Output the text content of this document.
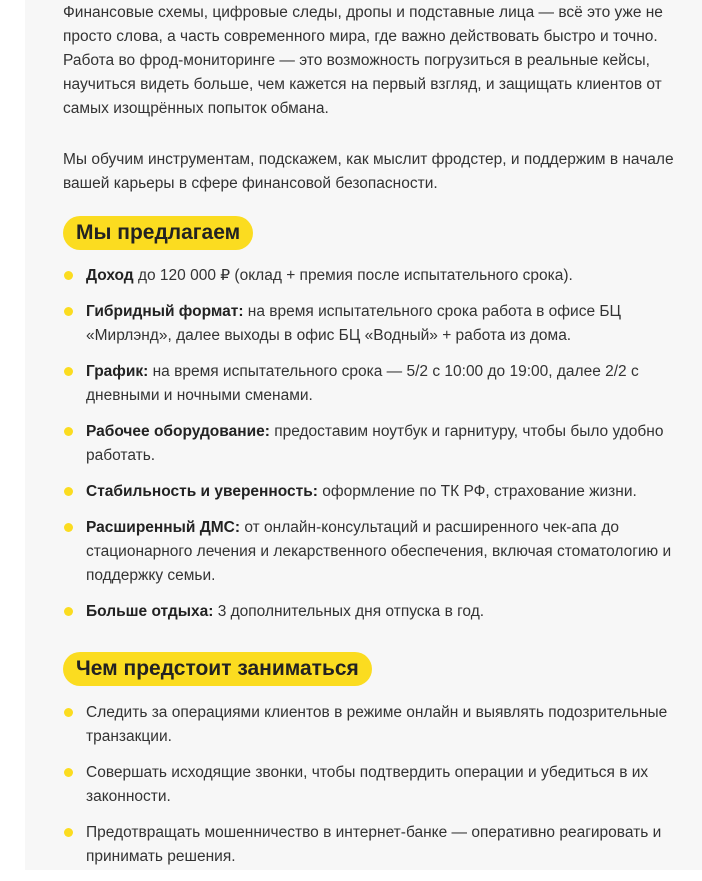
Финансовые схемы, цифровые следы, дропы и подставные лица — всё это уже не просто слова, а часть современного мира, где важно действовать быстро и точно. Работа во фрод-мониторинге — это возможность погрузиться в реальные кейсы, научиться видеть больше, чем кажется на первый взгляд, и защищать клиентов от самых изощрённых попыток обмана.

Мы обучим инструментам, подскажем, как мыслит фродстер, и поддержим в начале вашей карьеры в сфере финансовой безопасности.

Мы предлагаем
Доход до 120 000 ₽ (оклад + премия после испытательного срока).
Гибридный формат: на время испытательного срока работа в офисе БЦ «Мирлэнд», далее выходы в офис БЦ «Водный» + работа из дома.
График: на время испытательного срока — 5/2 с 10:00 до 19:00, далее 2/2 с дневными и ночными сменами.
Рабочее оборудование: предоставим ноутбук и гарнитуру, чтобы было удобно работать.
Стабильность и уверенность: оформление по ТК РФ, страхование жизни.
Расширенный ДМС: от онлайн-консультаций и расширенного чек-апа до стационарного лечения и лекарственного обеспечения, включая стоматологию и поддержку семьи.
Больше отдыха: 3 дополнительных дня отпуска в год.
Чем предстоит заниматься
Следить за операциями клиентов в режиме онлайн и выявлять подозрительные транзакции.
Совершать исходящие звонки, чтобы подтвердить операции и убедиться в их законности.
Предотвращать мошенничество в интернет-банке — оперативно реагировать и принимать решения.
